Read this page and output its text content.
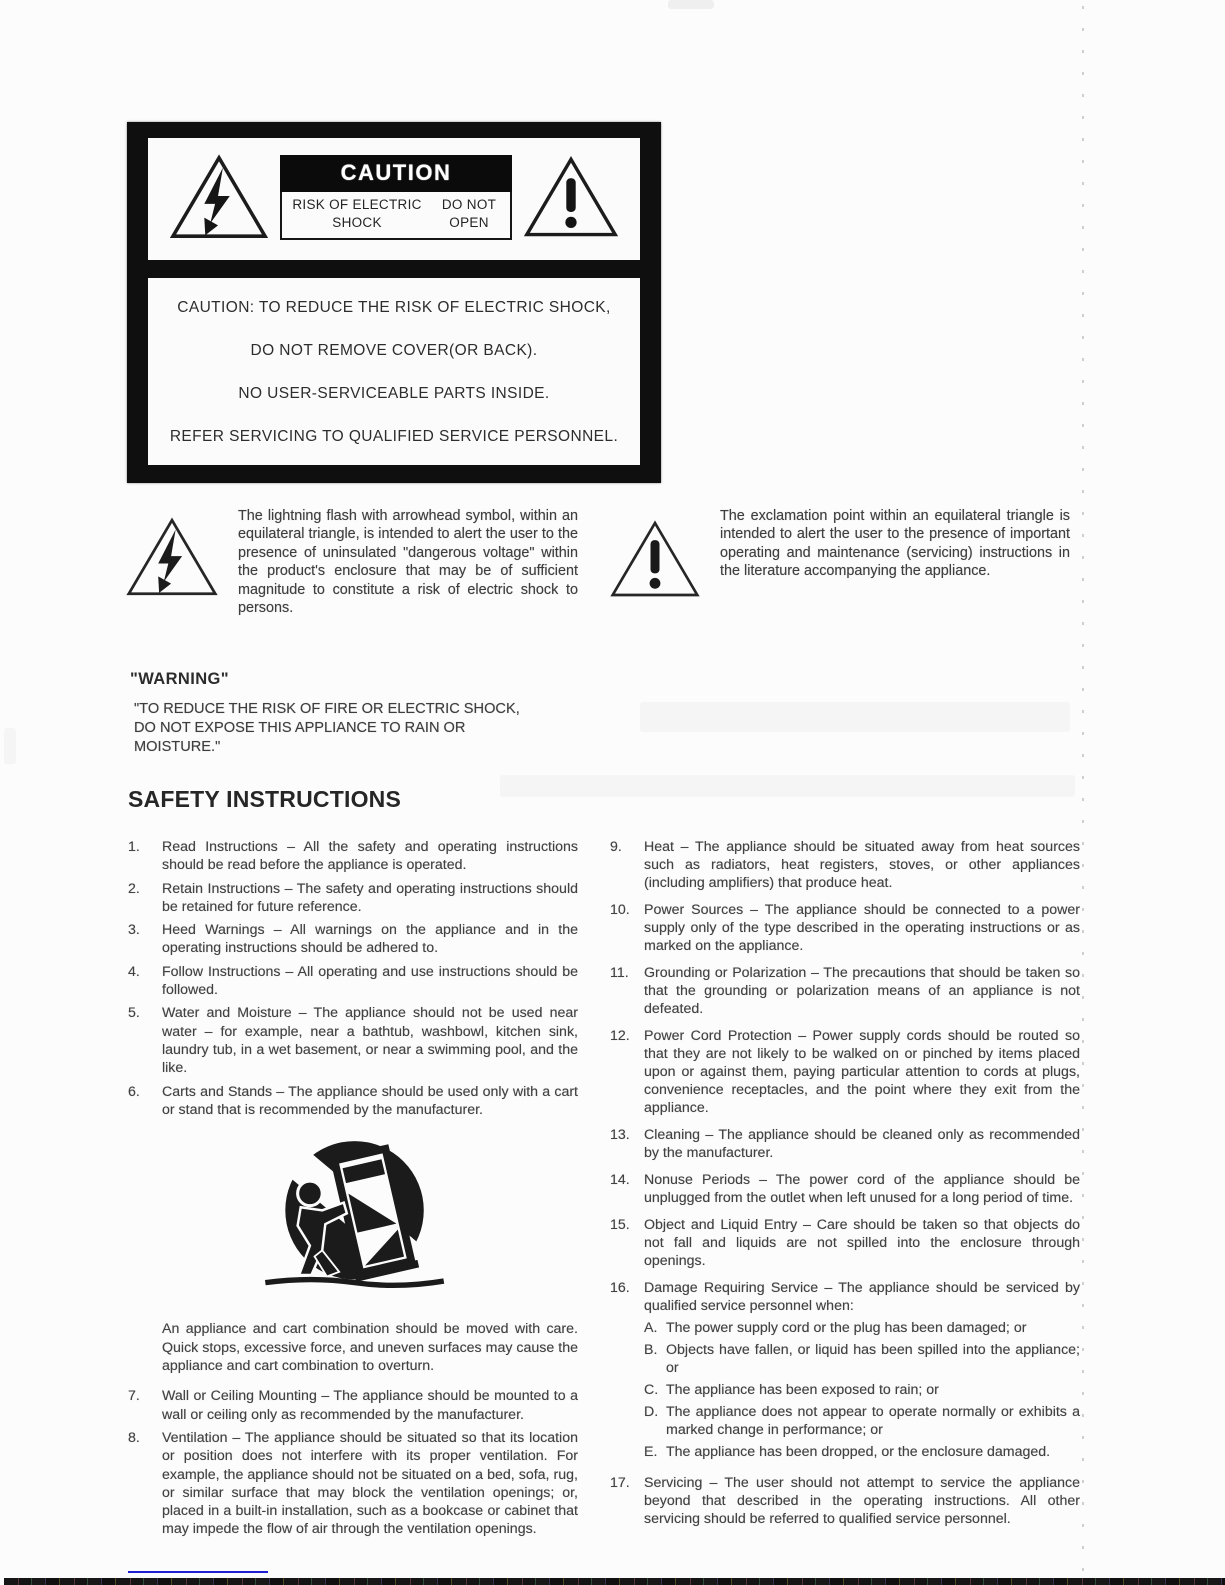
CAUTION
RISK OF ELECTRIC SHOCK
DO NOT OPEN
CAUTION: TO REDUCE THE RISK OF ELECTRIC SHOCK,
DO NOT REMOVE COVER(OR BACK).
NO USER-SERVICEABLE PARTS INSIDE.
REFER SERVICING TO QUALIFIED SERVICE PERSONNEL.
The lightning flash with arrowhead symbol, within an equilateral triangle, is intended to alert the user to the presence of uninsulated "dangerous voltage" within the product's enclosure that may be of sufficient magnitude to constitute a risk of electric shock to persons.
The exclamation point within an equilateral triangle is intended to alert the user to the presence of important operating and maintenance (servicing) instructions in the literature accompanying the appliance.

"WARNING"

"TO REDUCE THE RISK OF FIRE OR ELECTRIC SHOCK, DO NOT EXPOSE THIS APPLIANCE TO RAIN OR MOISTURE."

SAFETY INSTRUCTIONS
1.	Read Instructions – All the safety and operating instructions should be read before the appliance is operated.
2.	Retain Instructions – The safety and operating instructions should be retained for future reference.
3.	Heed Warnings – All warnings on the appliance and in the operating instructions should be adhered to.
4.	Follow Instructions – All operating and use instructions should be followed.
5.	Water and Moisture – The appliance should not be used near water – for example, near a bathtub, washbowl, kitchen sink, laundry tub, in a wet basement, or near a swimming pool, and the like.
6.	Carts and Stands – The appliance should be used only with a cart or stand that is recommended by the manufacturer.
An appliance and cart combination should be moved with care. Quick stops, excessive force, and uneven surfaces may cause the appliance and cart combination to overturn.
7.	Wall or Ceiling Mounting – The appliance should be mounted to a wall or ceiling only as recommended by the manufacturer.
8.	Ventilation – The appliance should be situated so that its location or position does not interfere with its proper ventilation. For example, the appliance should not be situated on a bed, sofa, rug, or similar surface that may block the ventilation openings; or, placed in a built-in installation, such as a bookcase or cabinet that may impede the flow of air through the ventilation openings.
9.	Heat – The appliance should be situated away from heat sources such as radiators, heat registers, stoves, or other appliances (including amplifiers) that produce heat.
10.	Power Sources – The appliance should be connected to a power supply only of the type described in the operating instructions or as marked on the appliance.
11.	Grounding or Polarization – The precautions that should be taken so that the grounding or polarization means of an appliance is not defeated.
12.	Power Cord Protection – Power supply cords should be routed so that they are not likely to be walked on or pinched by items placed upon or against them, paying particular attention to cords at plugs, convenience receptacles, and the point where they exit from the appliance.
13.	Cleaning – The appliance should be cleaned only as recommended by the manufacturer.
14.	Nonuse Periods – The power cord of the appliance should be unplugged from the outlet when left unused for a long period of time.
15.	Object and Liquid Entry – Care should be taken so that objects do not fall and liquids are not spilled into the enclosure through openings.
16.	Damage Requiring Service – The appliance should be serviced by qualified service personnel when:
A. The power supply cord or the plug has been damaged; or
B. Objects have fallen, or liquid has been spilled into the appliance; or
C. The appliance has been exposed to rain; or
D. The appliance does not appear to operate normally or exhibits a marked change in performance; or
E. The appliance has been dropped, or the enclosure damaged.
17.	Servicing – The user should not attempt to service the appliance beyond that described in the operating instructions. All other servicing should be referred to qualified service personnel.
